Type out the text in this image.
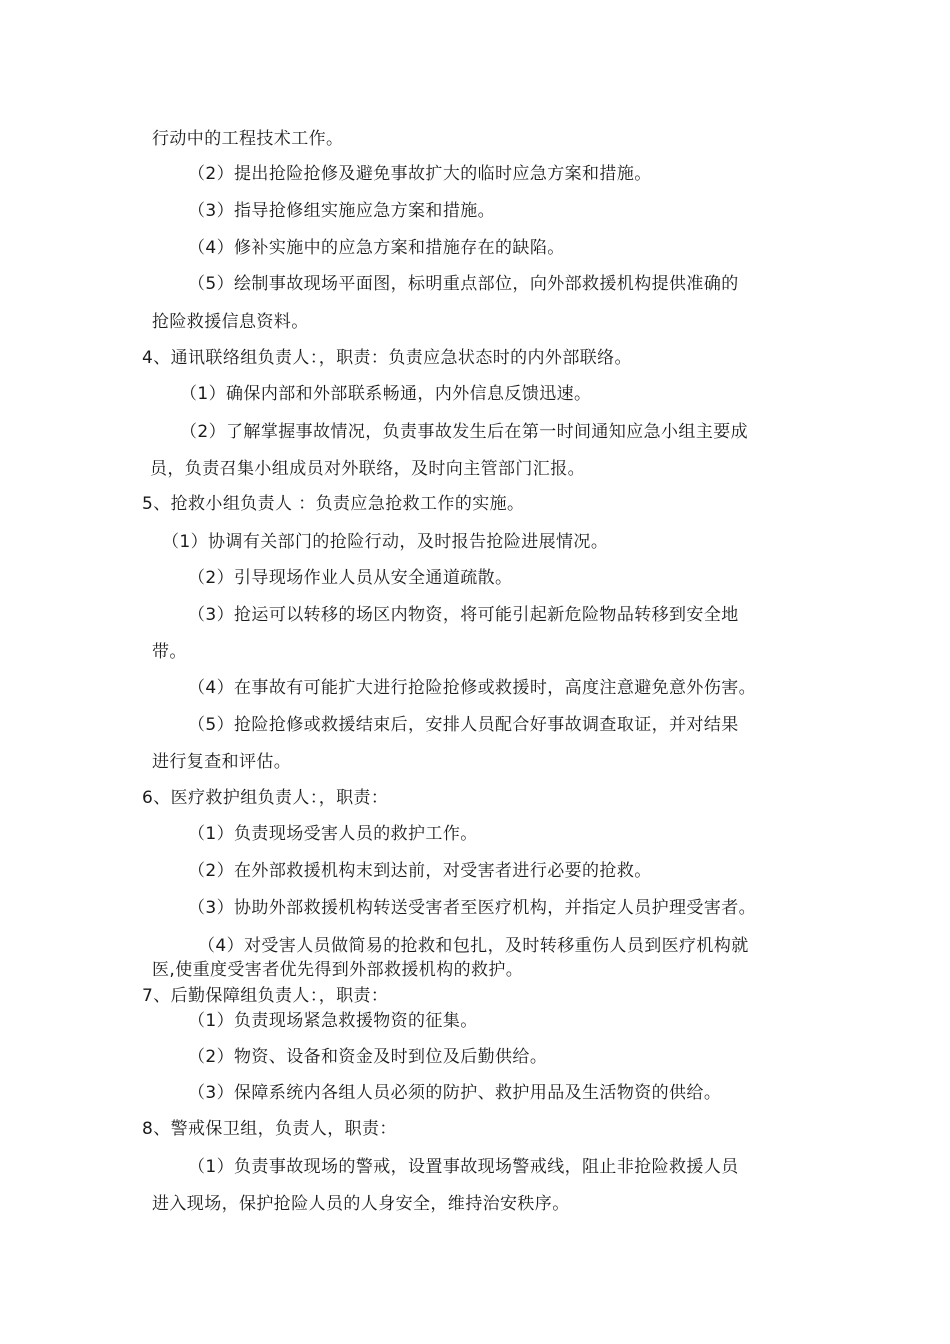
行动中的工程技术工作。
（2）提出抢险抢修及避免事故扩大的临时应急方案和措施。
（3）指导抢修组实施应急方案和措施。
（4）修补实施中的应急方案和措施存在的缺陷。
（5）绘制事故现场平面图，标明重点部位，向外部救援机构提供准确的
抢险救援信息资料。
4、通讯联络组负责人：，职责：负责应急状态时的内外部联络。
（1）确保内部和外部联系畅通，内外信息反馈迅速。
（2）了解掌握事故情况，负责事故发生后在第一时间通知应急小组主要成
员，负责召集小组成员对外联络，及时向主管部门汇报。
5、抢救小组负责人 ：负责应急抢救工作的实施。
（1）协调有关部门的抢险行动，及时报告抢险进展情况。
（2）引导现场作业人员从安全通道疏散。
（3）抢运可以转移的场区内物资，将可能引起新危险物品转移到安全地
带。
（4）在事故有可能扩大进行抢险抢修或救援时，高度注意避免意外伤害。
（5）抢险抢修或救援结束后，安排人员配合好事故调查取证，并对结果
进行复查和评估。
6、医疗救护组负责人：，职责：
（1）负责现场受害人员的救护工作。
（2）在外部救援机构末到达前，对受害者进行必要的抢救。
（3）协助外部救援机构转送受害者至医疗机构，并指定人员护理受害者。
（4）对受害人员做简易的抢救和包扎，及时转移重伤人员到医疗机构就
医,使重度受害者优先得到外部救援机构的救护。
7、后勤保障组负责人：，职责：
（1）负责现场紧急救援物资的征集。
（2）物资、设备和资金及时到位及后勤供给。
（3）保障系统内各组人员必须的防护、救护用品及生活物资的供给。
8、警戒保卫组，负责人，职责：
（1）负责事故现场的警戒，设置事故现场警戒线，阻止非抢险救援人员
进入现场，保护抢险人员的人身安全，维持治安秩序。
